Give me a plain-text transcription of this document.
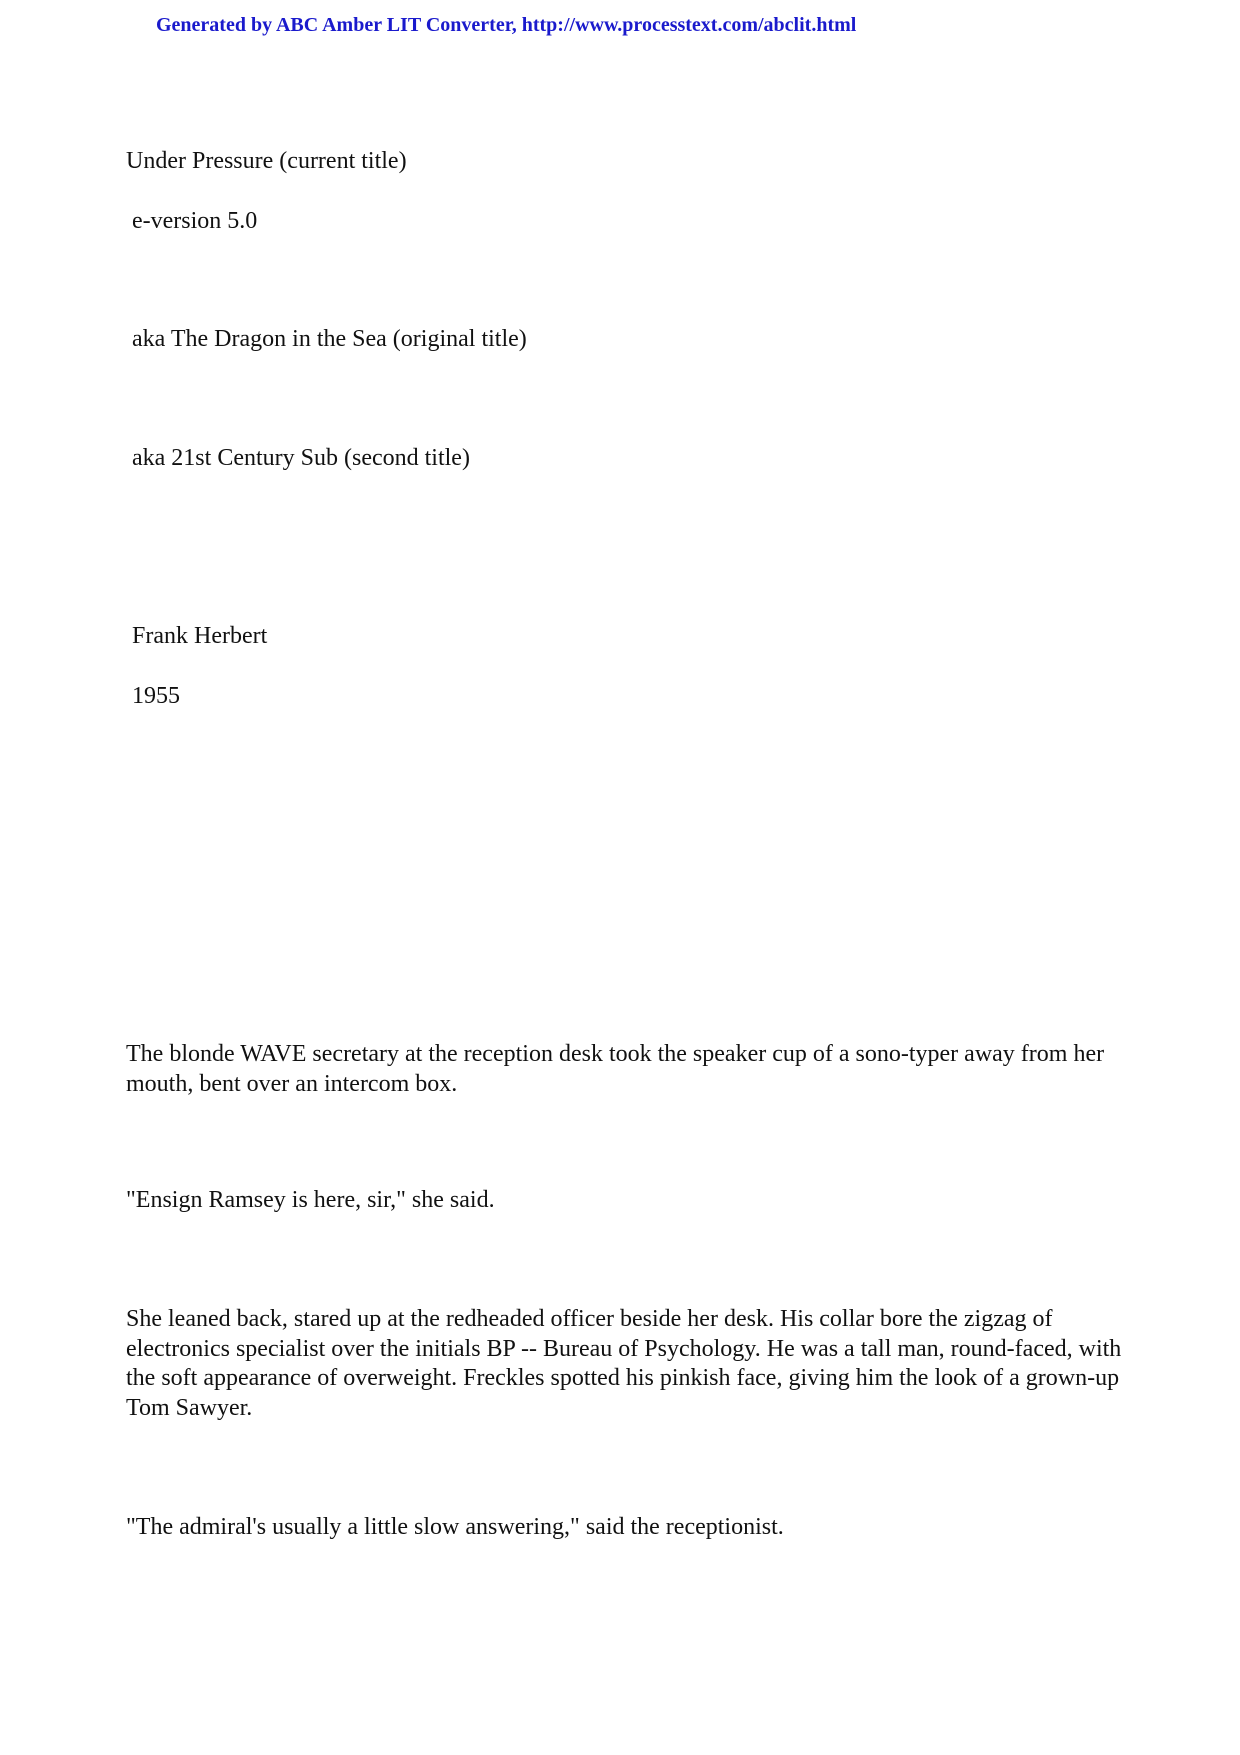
Generated by ABC Amber LIT Converter, http://www.processtext.com/abclit.html
Under Pressure (current title)
e-version 5.0
aka The Dragon in the Sea (original title)
aka 21st Century Sub (second title)
Frank Herbert
1955
The blonde WAVE secretary at the reception desk took the speaker cup of a sono-typer away from her mouth, bent over an intercom box.
"Ensign Ramsey is here, sir," she said.
She leaned back, stared up at the redheaded officer beside her desk. His collar bore the zigzag of electronics specialist over the initials BP -- Bureau of Psychology. He was a tall man, round-faced, with the soft appearance of overweight. Freckles spotted his pinkish face, giving him the look of a grown-up Tom Sawyer.
"The admiral's usually a little slow answering," said the receptionist.
